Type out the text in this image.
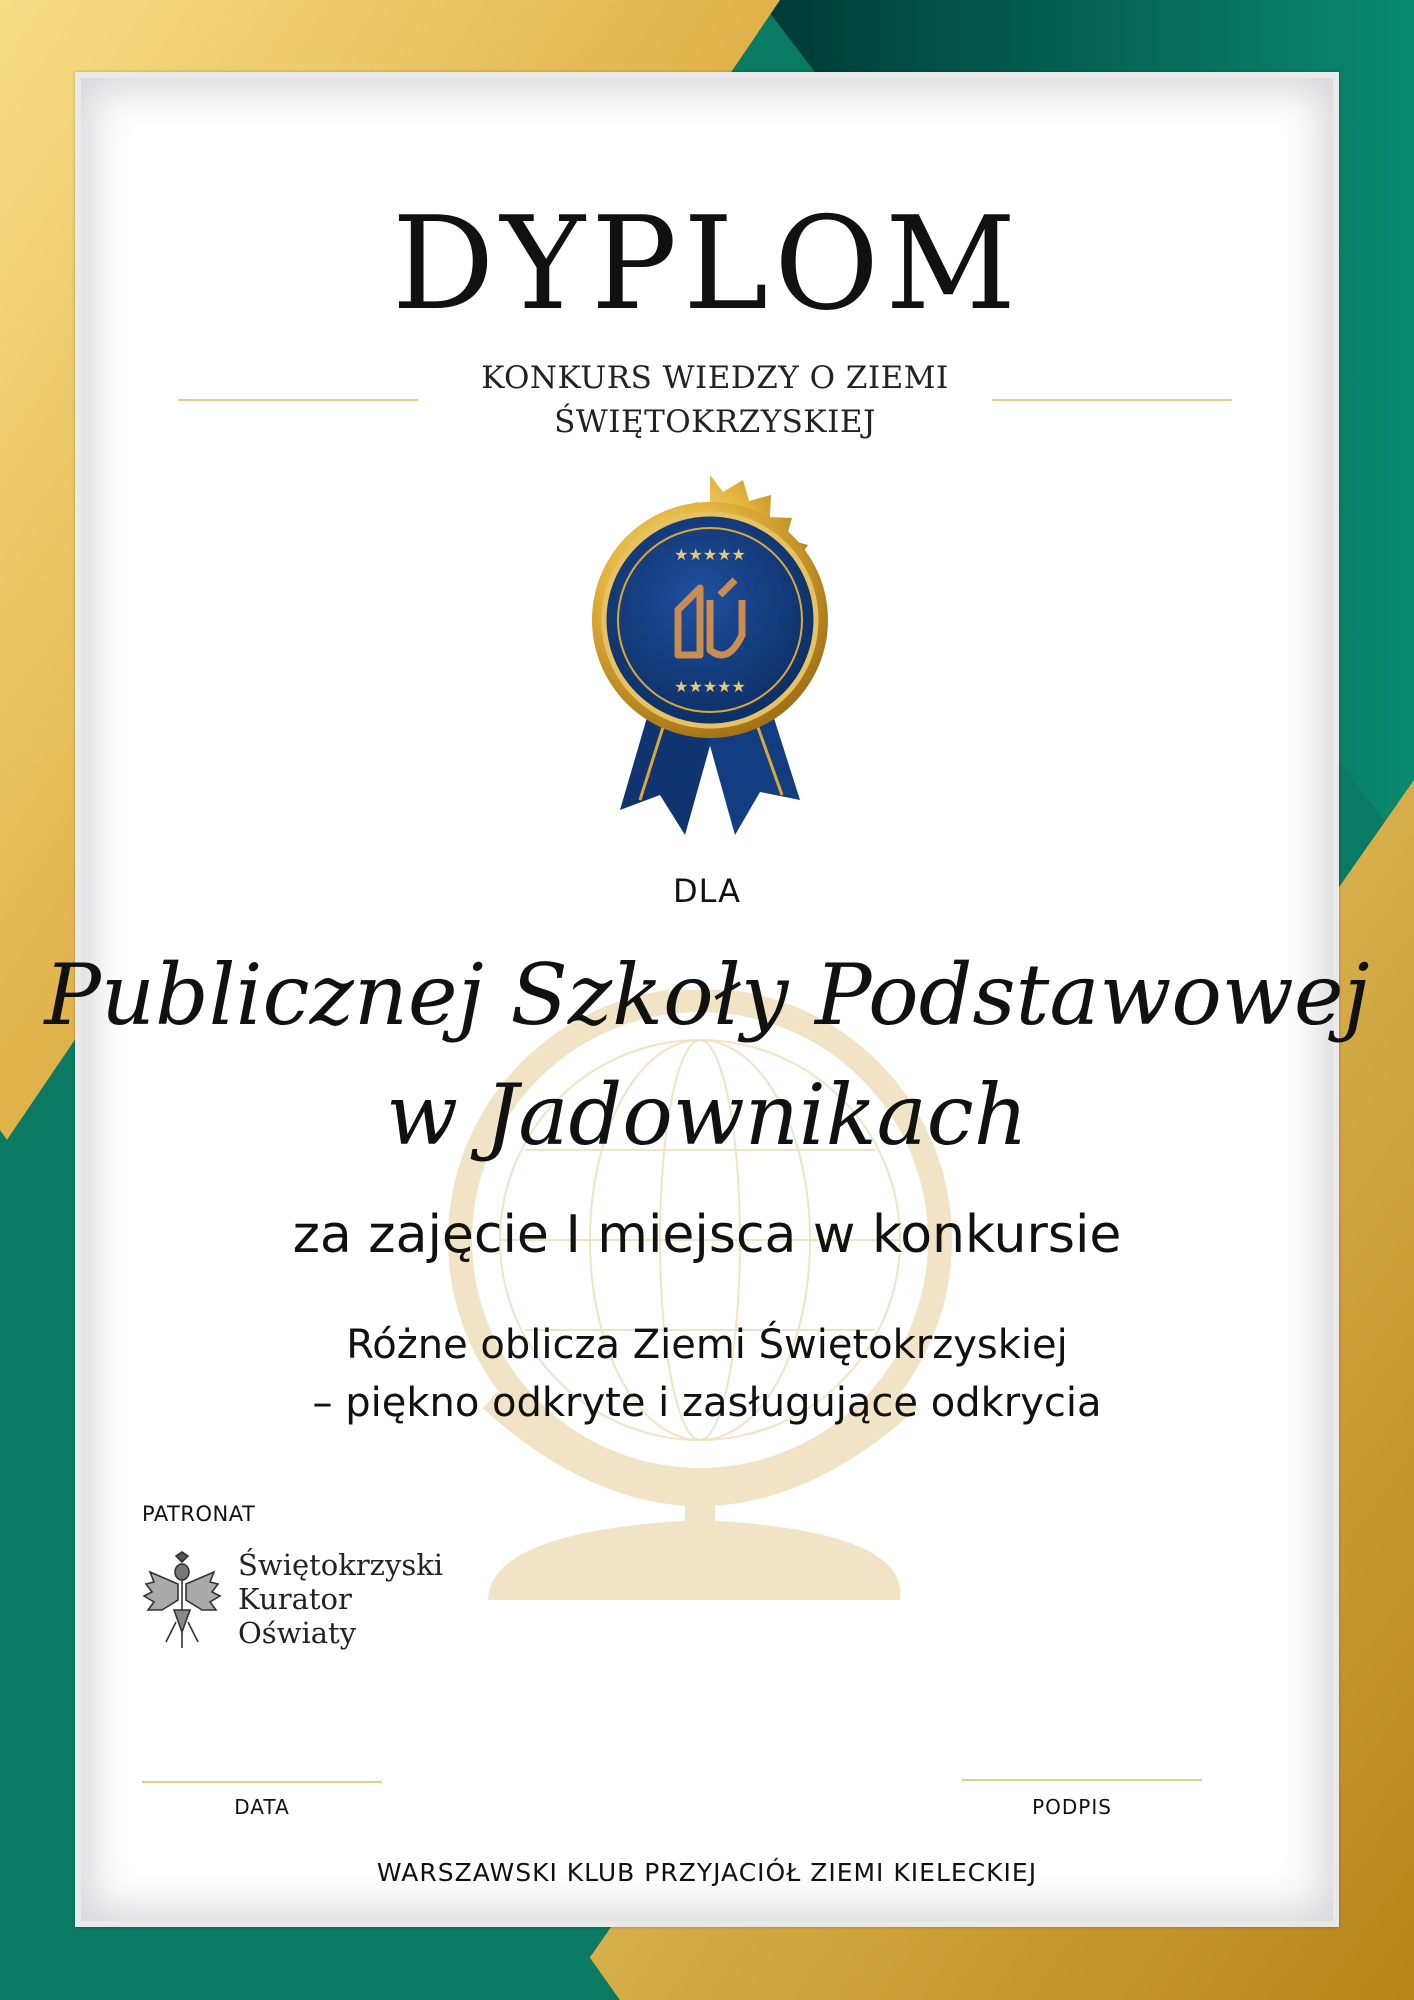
DYPLOM
KONKURS WIEDZY O ZIEMI
ŚWIĘTOKRZYSKIEJ
★★★★★
★★★★★
DLA
Publicznej Szkoły Podstawowej
w Jadownikach
za zajęcie I miejsca w konkursie
Różne oblicza Ziemi Świętokrzyskiej
– piękno odkryte i zasługujące odkrycia
PATRONAT
Świętokrzyski
Kurator
Oświaty
DATA	PODPIS
WARSZAWSKI KLUB PRZYJACIÓŁ ZIEMI KIELECKIEJ
